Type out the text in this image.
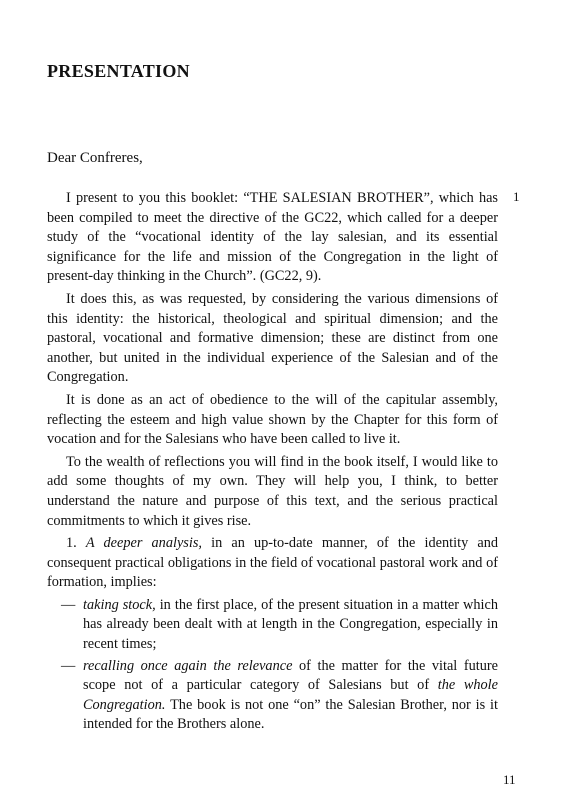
PRESENTATION

Dear Confreres,

1

I present to you this booklet: “THE SALESIAN BROTHER”, which has been compiled to meet the directive of the GC22, which called for a deeper study of the “vocational identity of the lay salesian, and its essential significance for the life and mission of the Congregation in the light of present-day thinking in the Church”. (GC22, 9).

It does this, as was requested, by considering the various dimensions of this identity: the historical, theological and spiritual dimension; and the pastoral, vocational and formative dimension; these are distinct from one another, but united in the individual experience of the Salesian and of the Congregation.

It is done as an act of obedience to the will of the capitular assembly, reflecting the esteem and high value shown by the Chapter for this form of vocation and for the Salesians who have been called to live it.

To the wealth of reflections you will find in the book itself, I would like to add some thoughts of my own. They will help you, I think, to better understand the nature and purpose of this text, and the serious practical commitments to which it gives rise.

1. A deeper analysis, in an up-to-date manner, of the identity and consequent practical obligations in the field of vocational pastoral work and of formation, implies:

— taking stock, in the first place, of the present situation in a matter which has already been dealt with at length in the Congregation, especially in recent times;
— recalling once again the relevance of the matter for the vital future scope not of a particular category of Salesians but of the whole Congregation. The book is not one “on” the Salesian Brother, nor is it intended for the Brothers alone.
11
